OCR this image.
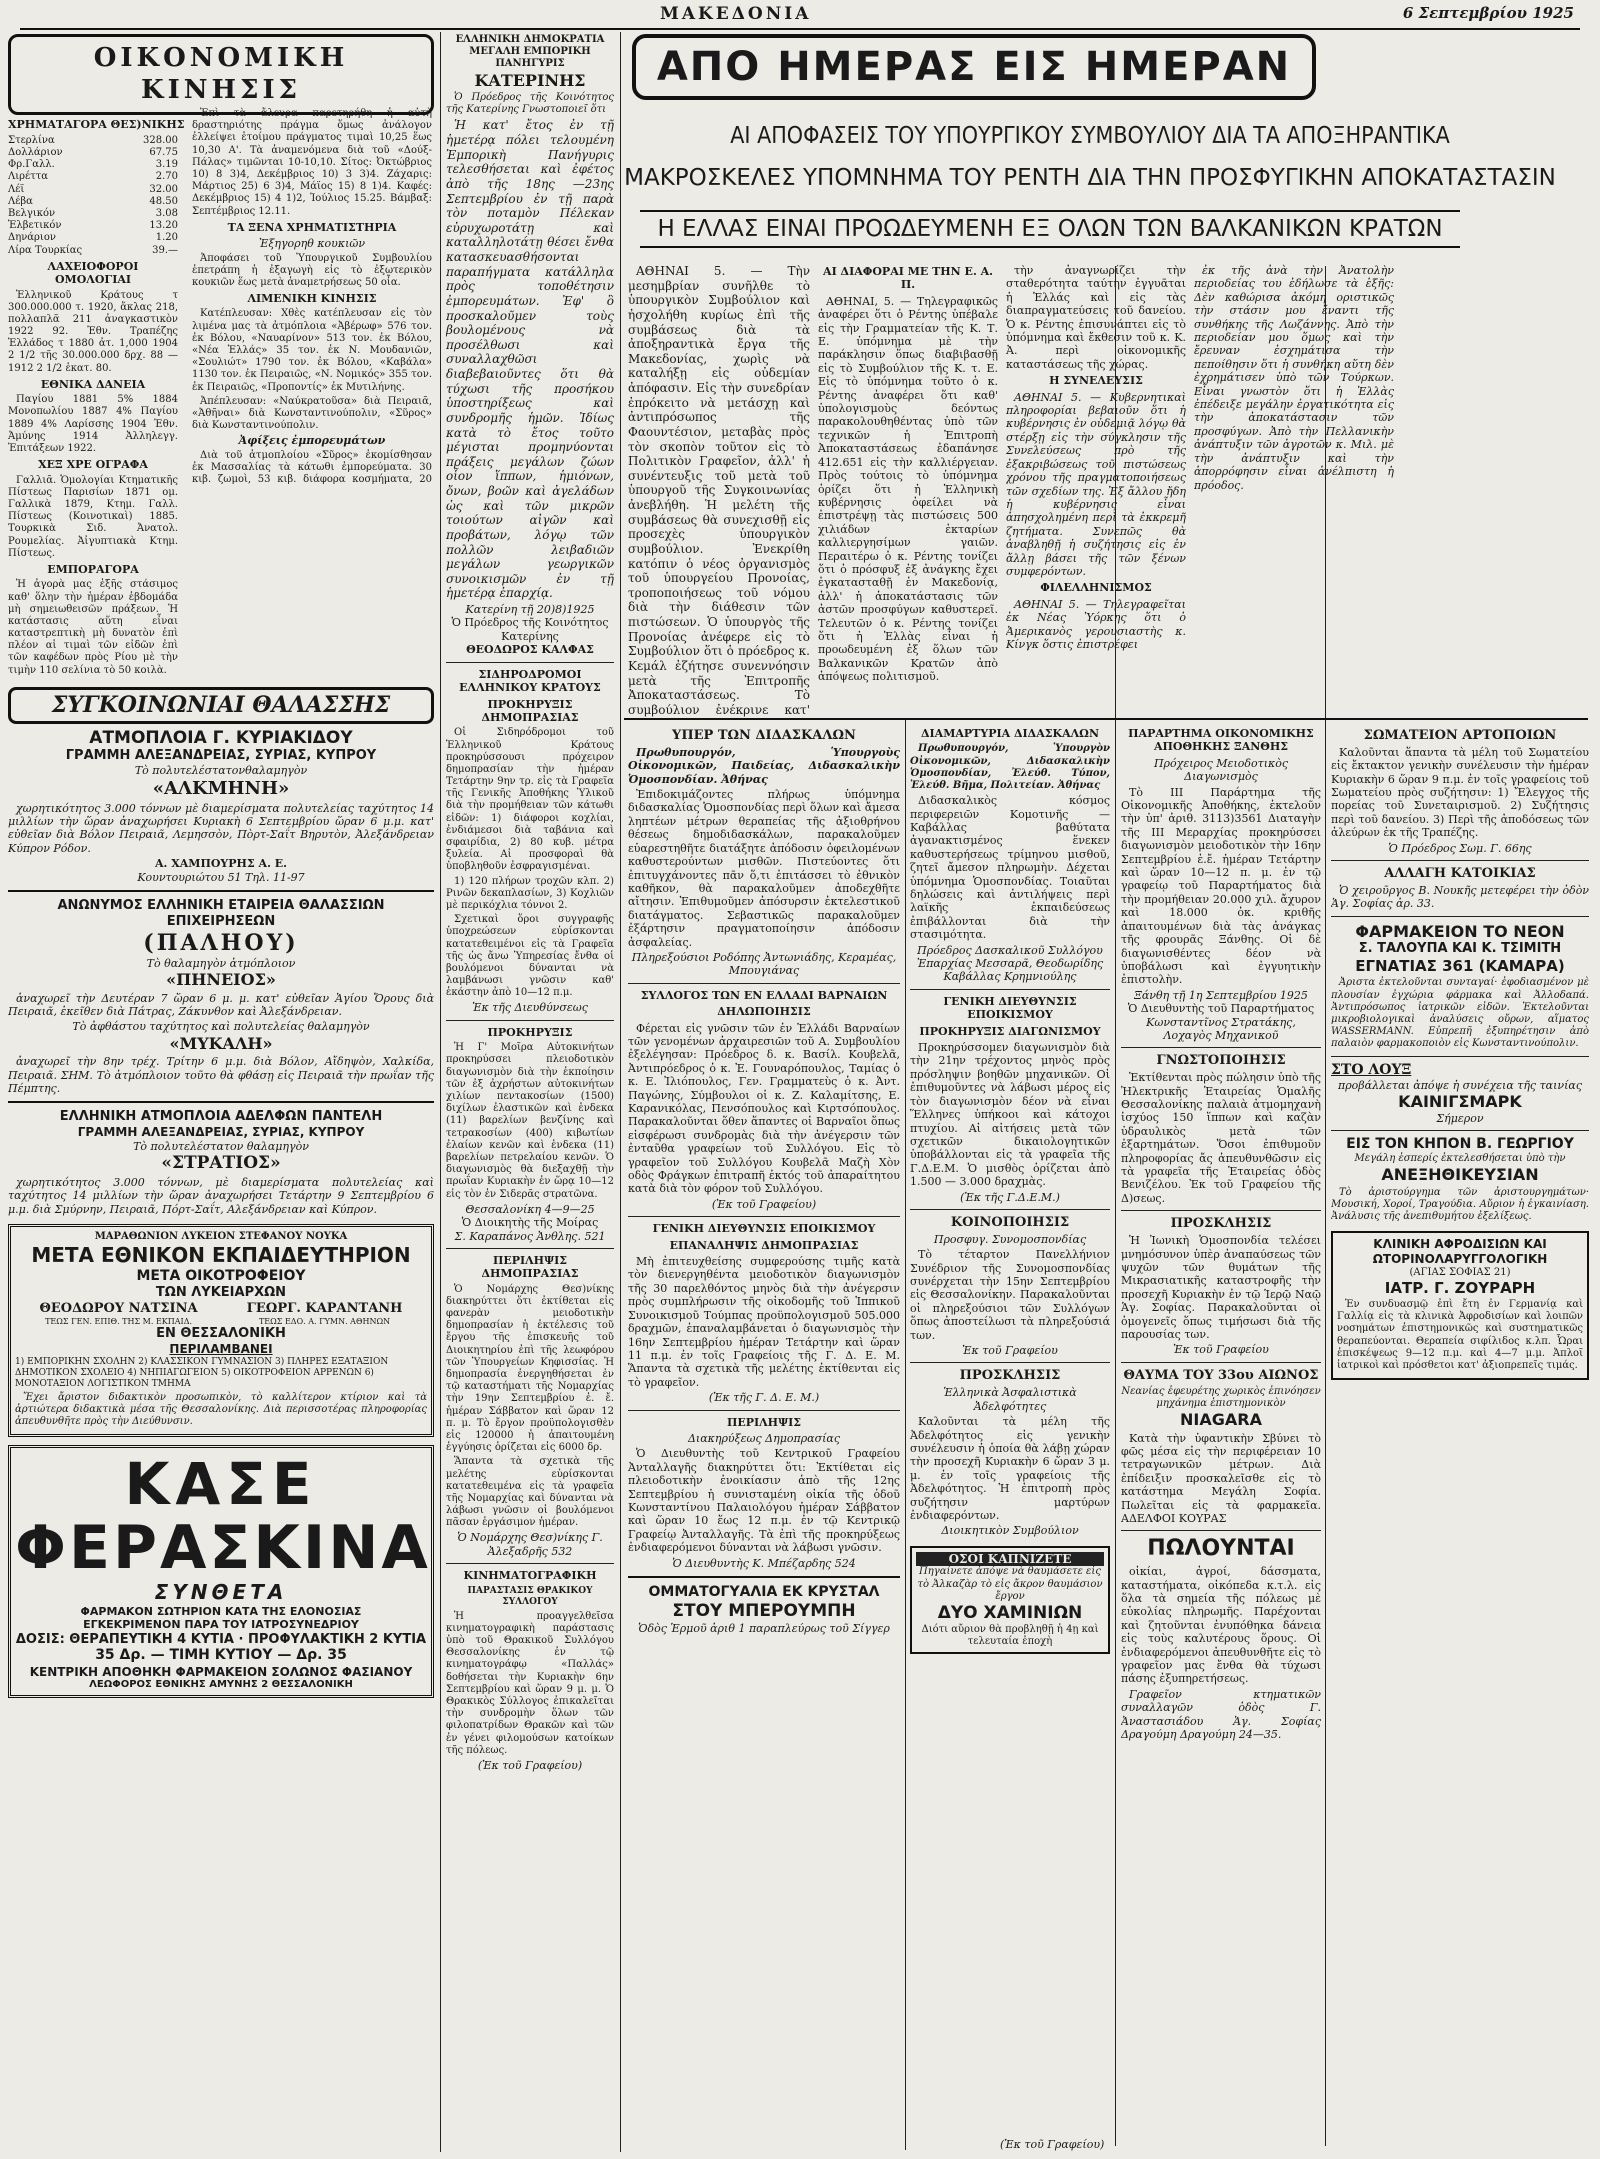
ΜΑΚΕΔΟΝΙΑ	6 Σεπτεμβρίου 1925
ΟΙΚΟΝΟΜΙΚΗ ΚΙΝΗΣΙΣ
ΧΡΗΜΑΤΑΓΟΡΑ ΘΕΣ)ΝΙΚΗΣ
Στερλίνα	328.00
Δολλάριον	67.75
Φρ.Γαλλ.	3.19
Λιρέττα	2.70
Λέϊ	32.00
Λέβα	48.50
Βελγικόν	3.08
Ἑλβετικόν	13.20
Δηνάριον	1.20
Λίρα Τουρκίας	39.—
ΛΑΧΕΙΟΦΟΡΟΙ ΟΜΟΛΟΓΙΑΙ
Ἑλληνικοῦ Κράτους τ 300.000.000 τ. 1920, ἄκλας 218, πολλαπλᾶ 211 ἀναγκαστικὸν 1922 92. Ἐθν. Τραπέζης Ἑλλάδος τ 1880 ἀτ. 1,000 1904 2 1/2 τῆς 30.000.000 δρχ. 88 — 1912 2 1/2 ἑκατ. 80.
ΕΘΝΙΚΑ ΔΑΝΕΙΑ
Παγίου 1881 5% 1884 Μονοπωλίου 1887 4% Παγίου 1889 4% Λαρίσσης 1904 Ἐθν. Ἀμύνης 1914 Ἀλληλεγγ. Ἐπιτάξεων 1922.
ΧΕΞ ΧΡΕ ΟΓΡΑΦΑ
Γαλλιᾶ. Ὁμολογίαι Κτηματικῆς Πίστεως Παρισίων 1871 ομ. Γαλλικὰ 1879, Κτημ. Γαλλ. Πίστεως (Κοινοτικαὶ) 1885. Τουρκικὰ Σιδ. Ἀνατολ. Ρουμελίας. Ἀἰγυπτιακὰ Κτημ. Πίστεως.
ΕΜΠΟΡΑΓΟΡΑ
Ἡ ἀγορὰ μας ἐξῆς στάσιμος καθ' ὅλην τὴν ἡμέραν ἑβδομάδα μὴ σημειωθεισῶν πράξεων. Ἡ κατάστασις αὕτη εἶναι καταστρεπτικὴ μὴ δυνατὸν ἐπὶ πλέον αἱ τιμαὶ τῶν εἰδῶν ἐπὶ τῶν καφέδων πρὸς Ρίου μὲ τὴν τιμὴν 110 σελίνια τὸ 50 κοιλὰ.
ΣΥΓΚΟΙΝΩΝΙΑΙ ΘΑΛΑΣΣΗΣ
ΑΤΜΟΠΛΟΙΑ Γ. ΚΥΡΙΑΚΙΔΟΥ
ΓΡΑΜΜΗ ΑΛΕΞΑΝΔΡΕΙΑΣ, ΣΥΡΙΑΣ, ΚΥΠΡΟΥ
Τὸ πολυτελέστατονθαλαμηγὸν
«ΑΛΚΜΗΝΗ»
χωρητικότητος 3.000 τόννων μὲ διαμερίσματα πολυτελείας ταχύτητος 14 μιλλίων τὴν ὥραν ἀναχωρήσει Κυριακὴ 6 Σεπτεμβρίου ὥραν 6 μ.μ. κατ' εὐθεῖαν διὰ Βόλον Πειραιᾶ, Λεμησσὸν, Πὸρτ-Σαΐτ Βηρυτὸν, Ἀλεξάνδρειαν Κύπρον Ρόδον.
Α. ΧΑΜΠΟΥΡΗΣ Α. Ε.
Κουντουριώτου 51 Τηλ. 11-97
ΑΝΩΝΥΜΟΣ ΕΛΛΗΝΙΚΗ ΕΤΑΙΡΕΙΑ ΘΑΛΑΣΣΙΩΝ ΕΠΙΧΕΙΡΗΣΕΩΝ
(ΠΑΛΗΟΥ)
Τὸ θαλαμηγὸν ἀτμόπλοιον
«ΠΗΝΕΙΟΣ»
ἀναχωρεῖ τὴν Δευτέραν 7 ὥραν 6 μ. μ. κατ' εὐθεῖαν Ἁγίου Ὄρους διὰ Πειραιᾶ, ἐκεῖθεν διὰ Πάτρας, Ζάκυνθον καὶ Ἀλεξάνδρειαν.
Τὸ ἀφθάστου ταχύτητος καὶ πολυτελείας θαλαμηγὸν
«ΜΥΚΑΛΗ»
ἀναχωρεῖ τὴν 8ην τρέχ. Τρίτην 6 μ.μ. διὰ Βόλον, Αἴδηψὸν, Χαλκίδα, Πειραιᾶ. ΣΗΜ. Τὸ ἀτμόπλοιον τοῦτο θὰ φθάσῃ εἰς Πειραιᾶ τὴν πρωΐαν τῆς Πέμπτης.
ΕΛΛΗΝΙΚΗ ΑΤΜΟΠΛΟΙΑ ΑΔΕΛΦΩΝ ΠΑΝΤΕΛΗ
ΓΡΑΜΜΗ ΑΛΕΞΑΝΔΡΕΙΑΣ, ΣΥΡΙΑΣ, ΚΥΠΡΟΥ
Τὸ πολυτελέστατον θαλαμηγὸν
«ΣΤΡΑΤΙΟΣ»
χωρητικότητος 3.000 τόννων, μὲ διαμερίσματα πολυτελείας καὶ ταχύτητος 14 μιλλίων τὴν ὥραν ἀναχωρήσει Τετάρτην 9 Σεπτεμβρίου 6 μ.μ. διὰ Σμύρνην, Πειραιᾶ, Πόρτ-Σαΐτ, Αλεξάνδρειαν καὶ Κύπρον.
ΜΑΡΑΘΩΝΙΟΝ ΛΥΚΕΙΟΝ ΣΤΕΦΑΝΟΥ ΝΟΥΚΑ
ΜΕΤΑ ΕΘΝΙΚΟΝ ΕΚΠΑΙΔΕΥΤΗΡΙΟΝ
ΜΕΤΑ ΟΙΚΟΤΡΟΦΕΙΟΥ
ΤΩΝ ΛΥΚΕΙΑΡΧΩΝ
ΘΕΟΔΩΡΟΥ ΝΑΤΣΙΝΑ
ΤΕΩΣ ΓΕΝ. ΕΠΙΘ. ΤΗΣ Μ. ΕΚΠΑΙΔ.
ΓΕΩΡΓ. ΚΑΡΑΝΤΑΝΗ
ΤΕΩΣ ΕΔΟ. Α. ΓΥΜΝ. ΑΘΗΝΩΝ
ΕΝ ΘΕΣΣΑΛΟΝΙΚΗ
ΠΕΡΙΛΑΜΒΑΝΕΙ
1) ΕΜΠΟΡΙΚΗΝ ΣΧΟΛΗΝ 2) ΚΛΑΣΣΙΚΟΝ ΓΥΜΝΑΣΙΟΝ 3) ΠΛΗΡΕΣ ΕΞΑΤΑΞΙΟΝ ΔΗΜΟΤΙΚΟΝ ΣΧΟΛΕΙΟ 4) ΝΗΠΙΑΓΩΓΕΙΟΝ 5) ΟΙΚΟΤΡΟΦΕΙΟΝ ΑΡΡΕΝΩΝ 6) ΜΟΝΟΤΑΞΙΟΝ ΛΟΓΙΣΤΙΚΟΝ ΤΜΗΜΑ
Ἔχει ἄριστον διδακτικὸν προσωπικὸν, τὸ καλλίτερον κτίριον καὶ τὰ ἀρτιώτερα διδακτικὰ μέσα τῆς Θεσσαλονίκης. Διὰ περισσοτέρας πληροφορίας ἀπευθυνθῆτε πρὸς τὴν Διεύθυνσιν.
ΚΑΣΕ
ΦΕΡΑΣΚΙΝΑ
ΣΥΝΘΕΤΑ
ΦΑΡΜΑΚΟΝ ΣΩΤΗΡΙΟΝ ΚΑΤΑ ΤΗΣ ΕΛΟΝΟΣΙΑΣ
ΕΓΚΕΚΡΙΜΕΝΟΝ ΠΑΡΑ ΤΟΥ ΙΑΤΡΟΣΥΝΕΔΡΙΟΥ
ΔΟΣΙΣ: ΘΕΡΑΠΕΥΤΙΚΗ 4 ΚΥΤΙΑ · ΠΡΟΦΥΛΑΚΤΙΚΗ 2 ΚΥΤΙΑ
35 Δρ. — ΤΙΜΗ ΚΥΤΙΟΥ — Δρ. 35
ΚΕΝΤΡΙΚΗ ΑΠΟΘΗΚΗ ΦΑΡΜΑΚΕΙΟΝ ΣΟΛΩΝΟΣ ΦΑΣΙΑΝΟΥ
ΛΕΩΦΟΡΟΣ ΕΘΝΙΚΗΣ ΑΜΥΝΗΣ 2 ΘΕΣΣΑΛΟΝΙΚΗ
Ἐπὶ τὰ ἄλευρα παρετηρήθη ἡ αὐτὴ δραστηριότης πράγμα ὅμως ἀνάλογον ἐλλείψει ἑτοίμου πράγματος τιμαὶ 10,25 ἕως 10,30 Α'. Τὰ ἀναμενόμενα διὰ τοῦ «Δούξ-Πάλας» τιμῶνται 10-10,10. Σίτος: Ὀκτώβριος 10) 8 3)4, Δεκέμβριος 10) 3 3)4. Ζάχαρις: Μάρτιος 25) 6 3)4, Μάϊος 15) 8 1)4. Καφές: Δεκέμβριος 15) 4 1)2, Ἰούλιος 15.25. Βάμβαξ: Σεπτέμβριος 12.11.
ΤΑ ΞΕΝΑ ΧΡΗΜΑΤΙΣΤΗΡΙΑ
Ἐξηγορηθ κουκιῶν
Ἀποφάσει τοῦ Ὑπουργικοῦ Συμβουλίου ἐπετράπη ἡ ἐξαγωγὴ εἰς τὸ ἐξωτερικὸν κουκιῶν ἕως μετὰ ἀναμετρήσεως 50 οἷα.
ΛΙΜΕΝΙΚΗ ΚΙΝΗΣΙΣ
Κατέπλευσαν: Χθὲς κατέπλευσαν εἰς τὸν λιμένα μας τὰ ἀτμόπλοια «Ἀβέρωφ» 576 τον. ἐκ Βόλου, «Ναυαρίνον» 513 τον. ἐκ Βόλου, «Νέα Ἑλλάς» 35 τον. ἐκ Ν. Μουδανιῶν, «Σουλιώτ» 1790 τον. ἐκ Βόλου, «Καβάλα» 1130 τον. ἐκ Πειραιῶς, «Ν. Νομικός» 355 τον. ἐκ Πειραιῶς, «Προποντίς» ἐκ Μυτιλήνης.
Ἀπέπλευσαν: «Ναύκρατοῦσα» διὰ Πειραιᾶ, «Ἀθῆναι» διὰ Κωνσταντινούπολιν, «Σῦρος» διὰ Κωνσταντινούπολιν.
Ἀφίξεις ἐμπορευμάτων
Διὰ τοῦ ἀτμοπλοίου «Σῦρος» ἐκομίσθησαν ἐκ Μασσαλίας τὰ κάτωθι ἐμπορεύματα. 30 κιβ. ζωμοὶ, 53 κιβ. διάφορα κοσμήματα, 20
ΕΛΛΗΝΙΚΗ ΔΗΜΟΚΡΑΤΙΑ
ΜΕΓΑΛΗ ΕΜΠΟΡΙΚΗ ΠΑΝΗΓΥΡΙΣ
ΚΑΤΕΡΙΝΗΣ
Ὁ Πρόεδρος τῆς Κοινότητος τῆς Κατερίνης Γνωστοποιεῖ ὅτι
Ἡ κατ' ἔτος ἐν τῇ ἡμετέρᾳ πόλει τελουμένη Ἐμπορικὴ Πανήγυρις τελεσθήσεται καὶ ἐφέτος ἀπὸ τῆς 18ης —23ης Σεπτεμβρίου ἐν τῇ παρὰ τὸν ποταμὸν Πέλεκαν εὐρυχωροτάτῃ καὶ καταλληλοτάτῃ θέσει ἔνθα κατασκευασθήσονται παραπήγματα κατάλληλα πρὸς τοποθέτησιν ἐμπορευμάτων. Ἐφ' ὃ προσκαλοῦμεν τοὺς βουλομένους νὰ προσέλθωσι καὶ συναλλαχθῶσι διαβεβαιοῦντες ὅτι θὰ τύχωσι τῆς προσήκου ὑποστηρίξεως καὶ συνδρομῆς ἡμῶν. Ἰδίως κατὰ τὸ ἔτος τοῦτο μέγισται προμηνύονται πράξεις μεγάλων ζώων οἷον ἵππων, ἡμιόνων, ὄνων, βοῶν καὶ ἀγελάδων ὡς καὶ τῶν μικρῶν τοιούτων αἰγῶν καὶ προβάτων, λόγῳ τῶν πολλῶν λειβαδιῶν μεγάλων γεωργικῶν συνοικισμῶν ἐν τῇ ἡμετέρᾳ ἐπαρχίᾳ.
Κατερίνη τῇ 20)8)1925
Ὁ Πρόεδρος τῆς Κοινότητος Κατερίνης
ΘΕΟΔΩΡΟΣ ΚΑΛΦΑΣ
ΣΙΔΗΡΟΔΡΟΜΟΙ ΕΛΛΗΝΙΚΟΥ ΚΡΑΤΟΥΣ
ΠΡΟΚΗΡΥΞΙΣ ΔΗΜΟΠΡΑΣΙΑΣ
Οἱ Σιδηρόδρομοι τοῦ Ἑλληνικοῦ Κράτους προκηρύσσουσι πρόχειρον δημοπρασίαν τὴν ἡμέραν Τετάρτην 9ην τρ. εἰς τὰ Γραφεῖα τῆς Γενικῆς Ἀποθήκης Ὑλικοῦ διὰ τὴν προμήθειαν τῶν κάτωθι εἰδῶν: 1) διάφοροι κοχλίαι, ἐνδιάμεσοι διὰ ταβάνια καὶ σφαιρίδια, 2) 80 κυβ. μέτρα ξυλεία. Αἱ προσφοραὶ θὰ ὑποβληθοῦν ἐσφραγισμέναι.
1) 120 πλήρων τροχῶν κλπ. 2) Ρινῶν δεκαπλασίων, 3) Κοχλιῶν μὲ περικόχλια τόννοι 2.
Σχετικαὶ ὅροι συγγραφῆς ὑποχρεώσεων εὑρίσκονται κατατεθειμένοι εἰς τὰ Γραφεῖα τῆς ὡς ἄνω Ὑπηρεσίας ἔνθα οἱ βουλόμενοι δύνανται νὰ λαμβάνωσι γνῶσιν καθ' ἑκάστην ἀπὸ 10—12 π.μ.
Ἐκ τῆς Διευθύνσεως
ΠΡΟΚΗΡΥΞΙΣ
Ἡ Γ' Μοῖρα Αὐτοκινήτων προκηρύσσει πλειοδοτικὸν διαγωνισμὸν διὰ τὴν ἐκποίησιν τῶν ἐξ ἀχρήστων αὐτοκινήτων χιλίων πεντακοσίων (1500) διχίλων ἐλαστικῶν καὶ ἑνδεκα (11) βαρελίων βενζίνης καὶ τετρακοσίων (400) κιβωτίων ἐλαίων κενῶν καὶ ἑνδεκα (11) βαρελίων πετρελαίου κενῶν. Ὁ διαγωνισμὸς θὰ διεξαχθῇ τὴν πρωΐαν Κυριακὴν ἐν ὥρᾳ 10—12 εἰς τὸν ἐν Σιδερᾶς στρατῶνα.
Θεσσαλονίκη 4—9—25
Ὁ Διοικητὴς τῆς Μοίρας
Σ. Καραπάνος Ἀνθλης. 521
ΠΕΡΙΛΗΨΙΣ ΔΗΜΟΠΡΑΣΙΑΣ
Ὁ Νομάρχης Θεσ)νίκης διακηρύττει ὅτι ἐκτίθεται εἰς φανερὰν μειοδοτικὴν δημοπρασίαν ἡ ἐκτέλεσις τοῦ ἔργου τῆς ἐπισκευῆς τοῦ Διοικητηρίου ἐπὶ τῆς λεωφόρου τῶν Ὑπουργείων Κηφισσίας. Ἡ δημοπρασία ἐνεργηθήσεται ἐν τῷ καταστήματι τῆς Νομαρχίας τὴν 19ην Σεπτεμβρίου ἐ. ἔ. ἡμέραν Σάββατον καὶ ὥραν 12 π. μ. Τὸ ἔργον προϋπολογισθὲν εἰς 120000 ἡ ἀπαιτουμένη ἐγγύησις ὁρίζεται εἰς 6000 δρ.
Ἅπαντα τὰ σχετικὰ τῆς μελέτης εὑρίσκονται κατατεθειμένα εἰς τὰ γραφεῖα τῆς Νομαρχίας καὶ δύνανται νὰ λάβωσι γνῶσιν οἱ βουλόμενοι πᾶσαν ἐργάσιμον ἡμέραν.
Ὁ Νομάρχης Θεσ)νίκης Γ. Ἀλεξαδρῆς 532
ΚΙΝΗΜΑΤΟΓΡΑΦΙΚΗ
ΠΑΡΑΣΤΑΣΙΣ ΘΡΑΚΙΚΟΥ ΣΥΛΛΟΓΟΥ
Ἡ προαγγελθεῖσα κινηματογραφικὴ παράστασις ὑπὸ τοῦ Θρακικοῦ Συλλόγου Θεσσαλονίκης ἐν τῷ κινηματογράφῳ «Παλλάς» δοθήσεται τὴν Κυριακὴν 6ην Σεπτεμβρίου καὶ ὥραν 9 μ. μ. Ὁ Θρακικὸς Σύλλογος ἐπικαλεῖται τὴν συνδρομὴν ὅλων τῶν φιλοπατρίδων Θρακῶν καὶ τῶν ἐν γένει φιλομούσων κατοίκων τῆς πόλεως.
(Ἐκ τοῦ Γραφείου)
ΑΠΟ ΗΜΕΡΑΣ ΕΙΣ ΗΜΕΡΑΝ
ΑΙ ΑΠΟΦΑΣΕΙΣ ΤΟΥ ΥΠΟΥΡΓΙΚΟΥ ΣΥΜΒΟΥΛΙΟΥ ΔΙΑ ΤΑ ΑΠΟΞΗΡΑΝΤΙΚΑ
ΜΑΚΡΟΣΚΕΛΕΣ ΥΠΟΜΝΗΜΑ ΤΟΥ ΡΕΝΤΗ ΔΙΑ ΤΗΝ ΠΡΟΣΦΥΓΙΚΗΝ ΑΠΟΚΑΤΑΣΤΑΣΙΝ
Η ΕΛΛΑΣ ΕΙΝΑΙ ΠΡΟΩΔΕΥΜΕΝΗ ΕΞ ΟΛΩΝ ΤΩΝ ΒΑΛΚΑΝΙΚΩΝ ΚΡΑΤΩΝ
ΑΘΗΝΑΙ 5. — Τὴν μεσημβρίαν συνῆλθε τὸ ὑπουργικὸν Συμβούλιον καὶ ἠσχολήθη κυρίως ἐπὶ τῆς συμβάσεως διὰ τὰ ἀποξηραντικὰ ἔργα τῆς Μακεδονίας, χωρὶς νὰ καταλήξῃ εἰς οὐδεμίαν ἀπόφασιν. Εἰς τὴν συνεδρίαν ἐπρόκειτο νὰ μετάσχῃ καὶ ἀντιπρόσωπος τῆς Φαουντέσιον, μεταβὰς πρὸς τὸν σκοπὸν τοῦτον εἰς τὸ Πολιτικὸν Γραφεῖον, ἀλλ' ἡ συνέντευξις τοῦ μετὰ τοῦ ὑπουργοῦ τῆς Συγκοινωνίας ἀνεβλήθη. Ἡ μελέτη τῆς συμβάσεως θὰ συνεχισθῇ εἰς προσεχὲς ὑπουργικὸν συμβούλιον. Ἐνεκρίθη κατόπιν ὁ νέος ὀργανισμὸς τοῦ ὑπουργείου Προνοίας, τροποποιήσεως τοῦ νόμου διὰ τὴν διάθεσιν τῶν πιστώσεων. Ὁ ὑπουργὸς τῆς Προνοίας ἀνέφερε εἰς τὸ Συμβούλιον ὅτι ὁ πρόεδρος κ. Κεμάλ ἐζήτησε συνεννόησιν μετὰ τῆς Ἐπιτροπῆς Ἀποκαταστάσεως. Τὸ συμβούλιον ἐνέκρινε κατ'
ΑΙ ΔΙΑΦΟΡΑΙ ΜΕ ΤΗΝ Ε. Α. Π.
ΑΘΗΝΑΙ, 5. — Τηλεγραφικῶς ἀναφέρει ὅτι ὁ Ρέντης ὑπέβαλε εἰς τὴν Γραμματείαν τῆς Κ. Τ. Ε. ὑπόμνημα μὲ τὴν παράκλησιν ὅπως διαβιβασθῇ εἰς τὸ Συμβούλιον τῆς Κ. τ. Ε. Εἰς τὸ ὑπόμνημα τοῦτο ὁ κ. Ρέντης ἀναφέρει ὅτι καθ' ὑπολογισμοὺς δεόντως παρακολουθηθέντας ὑπὸ τῶν τεχνικῶν ἡ Ἐπιτροπὴ Ἀποκαταστάσεως ἐδαπάνησε 412.651 εἰς τὴν καλλιέργειαν. Πρὸς τούτοις τὸ ὑπόμνημα ὁρίζει ὅτι ἡ Ἑλληνικὴ κυβέρνησις ὀφείλει νὰ ἐπιστρέψῃ τὰς πιστώσεις 500 χιλιάδων ἐκταρίων καλλιεργησίμων γαιῶν. Περαιτέρω ὁ κ. Ρέντης τονίζει ὅτι ὁ πρόσφυξ ἐξ ἀνάγκης ἔχει ἐγκατασταθῇ ἐν Μακεδονίᾳ, ἀλλ' ἡ ἀποκατάστασις τῶν ἀστῶν προσφύγων καθυστερεῖ. Τελευτῶν ὁ κ. Ρέντης τονίζει ὅτι ἡ Ἑλλὰς εἶναι ἡ προωδευμένη ἐξ ὅλων τῶν Βαλκανικῶν Κρατῶν ἀπὸ ἀπόψεως πολιτισμοῦ.
τὴν ἀναγνωρίζει τὴν σταθερότητα ταύτην ἐγγυᾶται ἡ Ἑλλάς καὶ εἰς τὰς διαπραγματεύσεις τοῦ δανείου. Ὁ κ. Ρέντης ἐπισυνάπτει εἰς τὸ ὑπόμνημα καὶ ἔκθεσιν τοῦ κ. Κ. Ἀ. περὶ οἰκονομικῆς καταστάσεως τῆς χώρας.
Η ΣΥΝΕΛΕΥΣΙΣ
ΑΘΗΝΑΙ 5. — Κυβερνητικαὶ πληροφορίαι βεβαιοῦν ὅτι ἡ κυβέρνησις ἐν οὐδεμιᾷ λόγῳ θὰ στέρξῃ εἰς τὴν σύγκλησιν τῆς Συνελεύσεως πρὸ τῆς ἐξακριβώσεως τοῦ πιστώσεως χρόνου τῆς πραγματοποιήσεως τῶν σχεδίων της. Ἐξ ἄλλου ἤδη ἡ κυβέρνησις εἶναι ἀπησχολημένη περὶ τὰ ἐκκρεμῆ ζητήματα. Συνεπῶς θὰ ἀναβληθῇ ἡ συζήτησις εἰς ἐν ἄλλῃ βάσει τῆς τῶν ξένων συμφερόντων.
ΦΙΛΕΛΛΗΝΙΣΜΟΣ
ΑΘΗΝΑΙ 5. — Τηλεγραφεῖται ἐκ Νέας Ὑόρκης ὅτι ὁ Ἀμερικανὸς γερουσιαστὴς κ. Κίνγκ ὅστις ἐπιστρέφει
ἐκ τῆς ἀνὰ τὴν Ἀνατολὴν περιοδείας του ἐδήλωσε τὰ ἑξῆς: Δὲν καθώρισα ἀκόμη οριστικῶς τὴν στάσιν μου ἔναντι τῆς συνθήκης τῆς Λωζάννης. Ἀπὸ τὴν περιοδείαν μου ὅμως καὶ τὴν ἔρευναν ἐσχημάτισα τὴν πεποίθησιν ὅτι ἡ συνθήκη αὕτη δὲν ἐχρημάτισεν ὑπὸ τῶν Τούρκων. Εἶναι γνωστὸν ὅτι ἡ Ἑλλὰς ἐπέδειξε μεγάλην ἐργατικότητα εἰς τὴν ἀποκατάστασιν τῶν προσφύγων. Ἀπὸ τὴν Πελλανικὴν ἀνάπτυξιν τῶν ἀγροτῶν κ. Μιλ. μὲ τὴν ἀνάπτυξιν καὶ τὴν ἀπορρόφησιν εἶναι ἀνέλπιστη ἡ πρόοδος.
ΥΠΕΡ ΤΩΝ ΔΙΔΑΣΚΑΛΩΝ
Πρωθυπουργόν, Ὑπουργοὺς Οἰκονομικῶν, Παιδείας, Διδασκαλικὴν Ὁμοσπονδίαν. Ἀθήνας
Ἐπιδοκιμάζοντες πλήρως ὑπόμνημα διδασκαλίας Ὁμοσπονδίας περὶ ὅλων καὶ ἄμεσα ληπτέων μέτρων θεραπείας τῆς ἀξιοθρήνου θέσεως δημοδιδασκάλων, παρακαλοῦμεν εὐαρεστηθῆτε διατάξητε ἀπόδοσιν ὀφειλομένων καθυστερούντων μισθῶν. Πιστεύοντες ὅτι ἐπιτυγχάνοντες πᾶν ὅ,τι ἐπιτάσσει τὸ ἐθνικὸν καθῆκον, θὰ παρακαλοῦμεν ἀποδεχθῆτε αἴτησιν. Ἐπιθυμοῦμεν ἀπόσυρσιν ἐκτελεστικοῦ διατάγματος. Σεβαστικῶς παρακαλοῦμεν ἐξάρτησιν πραγματοποίησιν ἀπόδοσιν ἀσφαλείας.
Πληρεξούσιοι Ροδόπης Ἀντωνιάδης, Κεραμέας, Μπουγιάνας
ΣΥΛΛΟΓΟΣ ΤΩΝ ΕΝ ΕΛΛΑΔΙ ΒΑΡΝΑΙΩΝ
ΔΗΛΩΠΟΙΗΣΙΣ
Φέρεται εἰς γνῶσιν τῶν ἐν Ἑλλάδι Βαρναίων τῶν γενομένων ἀρχαιρεσιῶν τοῦ Α. Συμβουλίου ἐξελέγησαν: Πρόεδρος δ. κ. Βασίλ. Κουβελᾶ, Ἀντιπρόεδρος ὁ κ. Ἐ. Γουναρόπουλος, Ταμίας ὁ κ. Ε. Ἰλιόπουλος, Γεν. Γραμματεὺς ὁ κ. Ἀντ. Παγώνης, Σύμβουλοι οἱ κ. Ζ. Καλαμίτσης, Ε. Καρανικόλας, Πενσόπουλος καὶ Κιρτσόπουλος. Παρακαλοῦνται ὅθεν ἅπαντες οἱ Βαρναῖοι ὅπως εἰσφέρωσι συνδρομὰς διὰ τὴν ἀνέγερσιν τῶν ἐνταῦθα γραφείων τοῦ Συλλόγου. Εἰς τὸ γραφεῖον τοῦ Συλλόγου Κουβελᾶ Μαζὴ Χὸν οδὸς Φράγκων ἐπιτραπῆ ἐκτός τοῦ ἀπαραίτητου κατὰ διὰ τὸν φόρον τοῦ Συλλόγου.
(Ἐκ τοῦ Γραφείου)
ΓΕΝΙΚΗ ΔΙΕΥΘΥΝΣΙΣ ΕΠΟΙΚΙΣΜΟΥ
ΕΠΑΝΑΛΗΨΙΣ ΔΗΜΟΠΡΑΣΙΑΣ
Μὴ ἐπιτευχθείσης συμφερούσης τιμῆς κατὰ τὸν διενεργηθέντα μειοδοτικὸν διαγωνισμὸν τῆς 30 παρελθόντος μηνὸς διὰ τὴν ἀνέγερσιν πρὸς συμπλήρωσιν τῆς οἰκοδομῆς τοῦ Ἱππικοῦ Συνοικισμοῦ Τούμπας προϋπολογισμοῦ 505.000 δραχμῶν, ἐπαναλαμβάνεται ὁ διαγωνισμὸς τὴν 16ην Σεπτεμβρίου ἡμέραν Τετάρτην καὶ ὥραν 11 π.μ. ἐν τοῖς Γραφείοις τῆς Γ. Δ. Ε. Μ. Ἅπαντα τὰ σχετικὰ τῆς μελέτης ἐκτίθενται εἰς τὸ γραφεῖον.
(Ἐκ τῆς Γ. Δ. Ε. Μ.)
ΠΕΡΙΛΗΨΙΣ
Διακηρύξεως Δημοπρασίας
Ὁ Διευθυντὴς τοῦ Κεντρικοῦ Γραφείου Ἀνταλλαγῆς διακηρύττει ὅτι: Ἐκτίθεται εἰς πλειοδοτικὴν ἐνοικίασιν ἀπὸ τῆς 12ης Σεπτεμβρίου ἡ συνισταμένη οἰκία τῆς ὁδοῦ Κωνσταντίνου Παλαιολόγου ἡμέραν Σάββατον καὶ ὥραν 10 ἕως 12 π.μ. ἐν τῷ Κεντρικῷ Γραφείῳ Ἀνταλλαγῆς. Τὰ ἐπὶ τῆς προκηρύξεως ἐνδιαφερόμενοι δύνανται νὰ λάβωσι γνῶσιν.
Ὁ Διευθυντὴς Κ. Μπέζαρδης 524
ΟΜΜΑΤΟΓΥΑΛΙΑ ΕΚ ΚΡΥΣΤΑΛ
ΣΤΟΥ ΜΠΕΡΟΥΜΠΗ
Ὁδὸς Ἑρμοῦ ἀριθ 1 παραπλεύρως τοῦ Σίγγερ
ΔΙΑΜΑΡΤΥΡΙΑ ΔΙΔΑΣΚΑΛΩΝ
Πρωθυπουργόν, Ὑπουργὸν Οἰκονομικῶν, Διδασκαλικὴν Ὁμοσπονδίαν, Ἐλεύθ. Τύπον, Ἐλεύθ. Βῆμα, Πολιτείαν. Ἀθήνας
Διδασκαλικὸς κόσμος περιφερειῶν Κομοτινῆς — Καβάλλας βαθύτατα ἀγανακτισμένος ἕνεκεν καθυστερήσεως τρίμηνου μισθοῦ, ζητεῖ ἄμεσον πληρωμὴν. Δέχεται ὑπόμνημα Ὁμοσπονδίας. Τοιαῦται δηλώσεις καὶ ἀντιλήψεις περὶ λαϊκῆς ἐκπαιδεύσεως ἐπιβάλλονται διὰ τὴν στασιμότητα.
Πρόεδρος Δασκαλικοῦ Συλλόγου Ἐπαρχίας Μεσσαρᾶ, Θεοδωρίδης Καβάλλας Κρημνιούλης
ΓΕΝΙΚΗ ΔΙΕΥΘΥΝΣΙΣ ΕΠΟΙΚΙΣΜΟΥ
ΠΡΟΚΗΡΥΞΙΣ ΔΙΑΓΩΝΙΣΜΟΥ
Προκηρύσσομεν διαγωνισμὸν διὰ τὴν 21ην τρέχοντος μηνὸς πρὸς πρόσληψιν βοηθῶν μηχανικῶν. Οἱ ἐπιθυμοῦντες νὰ λάβωσι μέρος εἰς τὸν διαγωνισμὸν δέον νὰ εἶναι Ἕλληνες ὑπήκοοι καὶ κάτοχοι πτυχίου. Αἱ αἰτήσεις μετὰ τῶν σχετικῶν δικαιολογητικῶν ὑποβάλλονται εἰς τὰ γραφεῖα τῆς Γ.Δ.Ε.Μ. Ὁ μισθὸς ὁρίζεται ἀπὸ 1.500 — 3.000 δραχμὰς.
(Ἐκ τῆς Γ.Δ.Ε.Μ.)
ΚΟΙΝΟΠΟΙΗΣΙΣ
Προσφυγ. Συνομοσπονδίας
Τὸ τέταρτον Πανελλήνιον Συνέδριον τῆς Συνομοσπονδίας συνέρχεται τὴν 15ην Σεπτεμβρίου εἰς Θεσσαλονίκην. Παρακαλοῦνται οἱ πληρεξούσιοι τῶν Συλλόγων ὅπως ἀποστείλωσι τὰ πληρεξούσιά των.
Ἐκ τοῦ Γραφείου
ΠΡΟΣΚΛΗΣΙΣ
Ἑλληνικὰ Ἀσφαλιστικὰ Ἀδελφότητες
Καλοῦνται τὰ μέλη τῆς Ἀδελφότητος εἰς γενικὴν συνέλευσιν ἡ ὁποία θὰ λάβῃ χώραν τὴν προσεχῆ Κυριακὴν 6 ὥραν 3 μ. μ. ἐν τοῖς γραφείοις τῆς Ἀδελφότητος. Ἡ ἐπιτροπὴ πρὸς συζήτησιν μαρτύρων ἐνδιαφερόντων.
Διοικητικὸν Συμβούλιον
ΟΣΟΙ ΚΑΠΝΙΖΕΤΕ
Πηγαίνετε ἀπόψε νὰ θαυμάσετε εἰς τὸ Ἀλκαζὰρ τὸ εἰς ἄκρον θαυμάσιον ἔργον
ΔΥΟ ΧΑΜΙΝΙΩΝ
Διότι αὔριον θὰ προβληθῇ ἡ 4ῃ καὶ τελευταία ἐποχὴ
ΠΑΡΑΡΤΗΜΑ ΟΙΚΟΝΟΜΙΚΗΣ ΑΠΟΘΗΚΗΣ ΞΑΝΘΗΣ
Πρόχειρος Μειοδοτικὸς Διαγωνισμὸς
Τὸ ΙΙΙ Παράρτημα τῆς Οἰκονομικῆς Ἀποθήκης, ἐκτελοῦν τὴν ὑπ' ἀριθ. 3113)3561 Διαταγὴν τῆς ΙΙΙ Μεραρχίας προκηρύσσει διαγωνισμὸν μειοδοτικὸν τὴν 16ην Σεπτεμβρίου ἐ.ἔ. ἡμέραν Τετάρτην καὶ ὥραν 10—12 π. μ. ἐν τῷ γραφείῳ τοῦ Παραρτήματος διὰ τὴν προμήθειαν 20.000 χιλ. ἄχυρον καὶ 18.000 ὀκ. κριθῆς ἀπαιτουμένων διὰ τὰς ἀνάγκας τῆς φρουρᾶς Ξάνθης. Οἱ δὲ διαγωνισθέντες δέον νὰ ὑποβάλωσι καὶ ἐγγυητικὴν ἐπιστολὴν.
Ξάνθη τῇ 1η Σεπτεμβρίου 1925
Ὁ Διευθυντὴς τοῦ Παραρτήματος
Κωνσταντῖνος Στρατάκης, Λοχαγὸς Μηχανικοῦ
ΓΝΩΣΤΟΠΟΙΗΣΙΣ
Ἐκτίθενται πρὸς πώλησιν ὑπὸ τῆς Ἠλεκτρικῆς Ἑταιρείας Ὁμαλῆς Θεσσαλονίκης παλαιὰ ἀτμομηχανὴ ἰσχύος 150 ἵππων καὶ καζὰν ὑδραυλικὸς μετὰ τῶν ἐξαρτημάτων. Ὅσοι ἐπιθυμοῦν πληροφορίας ἄς ἀπευθυνθῶσιν εἰς τὰ γραφεῖα τῆς Ἑταιρείας ὁδὸς Βενιζέλου. Ἐκ τοῦ Γραφείου τῆς Δ)σεως.
ΠΡΟΣΚΛΗΣΙΣ
Ἡ Ἰωνικὴ Ὁμοσπονδία τελέσει μνημόσυνον ὑπὲρ ἀναπαύσεως τῶν ψυχῶν τῶν θυμάτων τῆς Μικρασιατικῆς καταστροφῆς τὴν προσεχῆ Κυριακὴν ἐν τῷ Ἱερῷ Ναῷ Ἁγ. Σοφίας. Παρακαλοῦνται οἱ ὁμογενεῖς ὅπως τιμήσωσι διὰ τῆς παρουσίας των.
Ἐκ τοῦ Γραφείου
ΘΑΥΜΑ ΤΟΥ 33ου ΑΙΩΝΟΣ
Νεανίας ἐφευρέτης χωρικὸς ἐπινόησεν μηχάνημα ἐπιστημονικὸν
NIAGARA
Κατὰ τὴν ὑφαντικὴν Σβύνει τὸ φῶς μέσα εἰς τὴν περιφέρειαν 10 τετραγωνικῶν μέτρων. Διὰ ἐπίδειξιν προσκαλεῖσθε εἰς τὸ κατάστημα Μεγάλη Σοφία. Πωλεῖται εἰς τὰ φαρμακεῖα. ΑΔΕΛΦΟΙ ΚΟΥΡΑΣ
ΠΩΛΟΥΝΤΑΙ
οἰκίαι, ἀγροί, δάσσματα, καταστήματα, οἰκόπεδα κ.τ.λ. εἰς ὅλα τὰ σημεία τῆς πόλεως μὲ εὐκολίας πληρωμῆς. Παρέχονται καὶ ζητοῦνται ἐνυπόθηκα δάνεια εἰς τοὺς καλυτέρους ὅρους. Οἱ ἐνδιαφερόμενοι ἀπευθυνθῆτε εἰς τὸ γραφεῖον μας ἔνθα θὰ τύχωσι πάσης ἐξυπηρετήσεως.
Γραφεῖον κτηματικῶν συναλλαγῶν ὁδὸς Γ. Ἀναστασιάδου Ἁγ. Σοφίας Δραγούμη Δραγούμη 24—35.
ΣΩΜΑΤΕΙΟΝ ΑΡΤΟΠΟΙΩΝ
Καλοῦνται ἅπαντα τὰ μέλη τοῦ Σωματείου εἰς ἔκτακτον γενικὴν συνέλευσιν τὴν ἡμέραν Κυριακὴν 6 ὥραν 9 π.μ. ἐν τοῖς γραφείοις τοῦ Σωματείου πρὸς συζήτησιν: 1) Ἔλεγχος τῆς πορείας τοῦ Συνεταιρισμοῦ. 2) Συζήτησις περὶ τοῦ δανείου. 3) Περὶ τῆς ἀποδόσεως τῶν ἀλεύρων ἐκ τῆς Τραπέζης.
Ὁ Πρόεδρος Σωμ. Γ. 66ης
ΑΛΛΑΓΗ ΚΑΤΟΙΚΙΑΣ
Ὁ χειροῦργος Β. Νουκῆς μετεφέρει τὴν ὁδὸν Ἁγ. Σοφίας ἀρ. 33.
ΦΑΡΜΑΚΕΙΟΝ ΤΟ ΝΕΟΝ
Σ. ΤΑΛΟΥΠΑ ΚΑΙ Κ. ΤΣΙΜΙΤΗ
ΕΓΝΑΤΙΑΣ 361 (ΚΑΜΑΡΑ)
Ἀριστα ἐκτελοῦνται συνταγαί· ἐφοδιασμένον μὲ πλουσίαν ἐγχώρια φάρμακα καὶ Ἀλλοδαπά. Ἀντιπρόσωπος ἰατρικῶν εἰδῶν. Ἐκτελοῦνται μικροβιολογικαὶ ἀναλύσεις οὔρων, αἵματος WASSERMANN. Εὐπρεπῆ ἐξυπηρέτησιν ἀπὸ παλαιὸν φαρμακοποιὸν εἰς Κωνσταντινούπολιν.
ΣΤΟ ΛΟΥΞ
προβάλλεται ἀπόψε ἡ συνέχεια τῆς ταινίας
ΚΑΙΝΙΓΣΜΑΡΚ
Σήμερον
ΕΙΣ ΤΟΝ ΚΗΠΟΝ Β. ΓΕΩΡΓΙΟΥ
Μεγάλη ἑσπερίς ἐκτελεσθήσεται ὑπὸ τὴν
ΑΝΕΞΗΘΙΚΕΥΣΙΑΝ
Τὸ ἀριστούργημα τῶν ἀριστουργημάτων· Μουσική, Χοροί, Τραγούδια. Αὔριον ἡ ἐγκαινίαση. Ἀνάλυσις τῆς ἀνεπιθυμήτου ἐξελίξεως.
ΚΛΙΝΙΚΗ ΑΦΡΟΔΙΣΙΩΝ ΚΑΙ ΩΤΟΡΙΝΟΛΑΡΥΓΓΟΛΟΓΙΚΗ
(ΑΓΙΑΣ ΣΟΦΙΑΣ 21)
ΙΑΤΡ. Γ. ΖΟΥΡΑΡΗ
Ἐν συνδυασμῷ ἐπὶ ἔτη ἐν Γερμανίᾳ καὶ Γαλλίᾳ εἰς τὰ κλινικὰ Ἀφροδισίων καὶ λοιπῶν νοσημάτων ἐπιστημονικῶς καὶ συστηματικῶς θεραπεύονται. Θεραπεία σιφίλιδος κ.λπ. Ὧραι ἐπισκέψεως 9—12 π.μ. καὶ 4—7 μ.μ. Ἀπλοῖ ἰατρικοὶ καὶ πρόσθετοι κατ' ἀξιοπρεπεῖς τιμάς.
(Ἐκ τοῦ Γραφείου)
